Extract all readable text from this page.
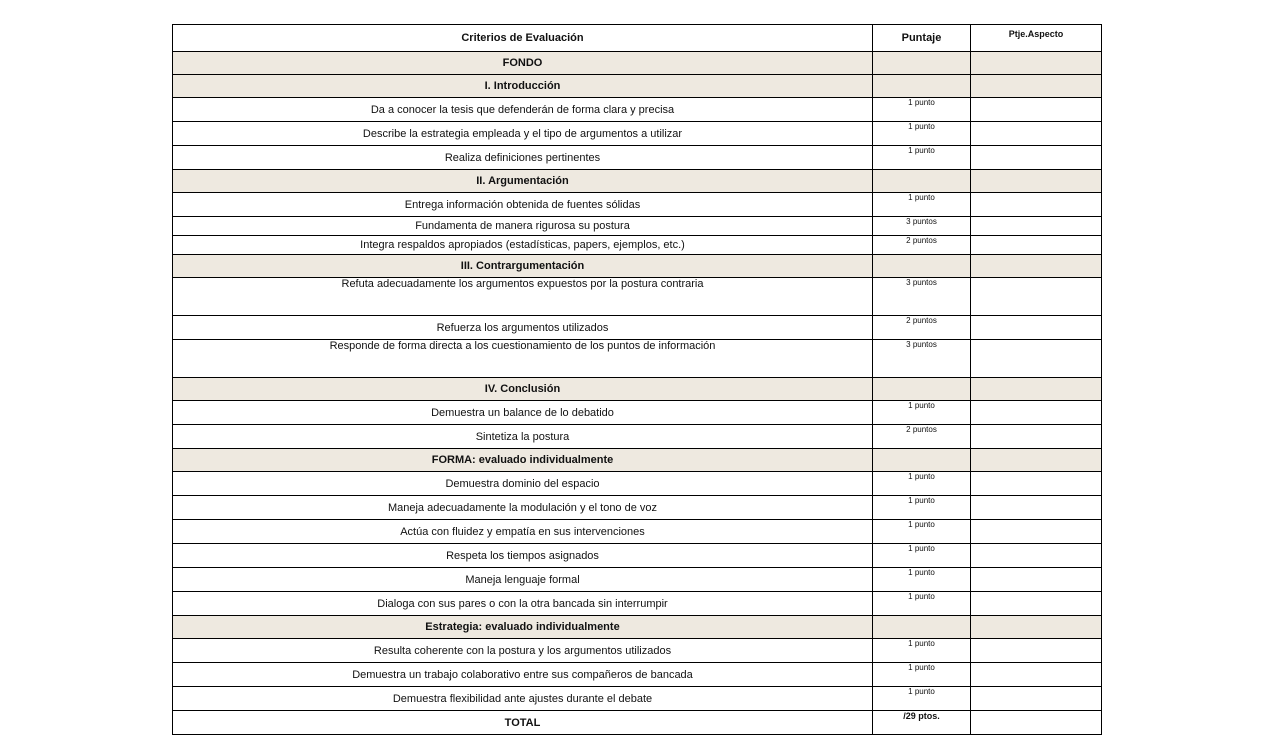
Criterios de Evaluación	Puntaje	Ptje.Aspecto
FONDO		
I. Introducción		
Da a conocer la tesis que defenderán de forma clara y precisa	1 punto	
Describe la estrategia empleada y el tipo de argumentos a utilizar	1 punto	
Realiza definiciones pertinentes	1 punto	
II. Argumentación		
Entrega información obtenida de fuentes sólidas	1 punto	
Fundamenta de manera rigurosa su postura	3 puntos	
Integra respaldos apropiados (estadísticas, papers, ejemplos, etc.)	2 puntos	
III. Contrargumentación		
Refuta adecuadamente los argumentos expuestos por la postura contraria	3 puntos	
Refuerza los argumentos utilizados	2 puntos	
Responde de forma directa a los cuestionamiento de los puntos de información	3 puntos	
IV. Conclusión		
Demuestra un balance de lo debatido	1 punto	
Sintetiza la postura	2 puntos	
FORMA: evaluado individualmente		
Demuestra dominio del espacio	1 punto	
Maneja adecuadamente la modulación y el tono de voz	1 punto	
Actúa con fluidez y empatía en sus intervenciones	1 punto	
Respeta los tiempos asignados	1 punto	
Maneja lenguaje formal	1 punto	
Dialoga con sus pares o con la otra bancada sin interrumpir	1 punto	
Estrategia: evaluado individualmente		
Resulta coherente con la postura y los argumentos utilizados	1 punto	
Demuestra un trabajo colaborativo entre sus compañeros de bancada	1 punto	
Demuestra flexibilidad ante ajustes durante el debate	1 punto	
TOTAL	/29 ptos.	
